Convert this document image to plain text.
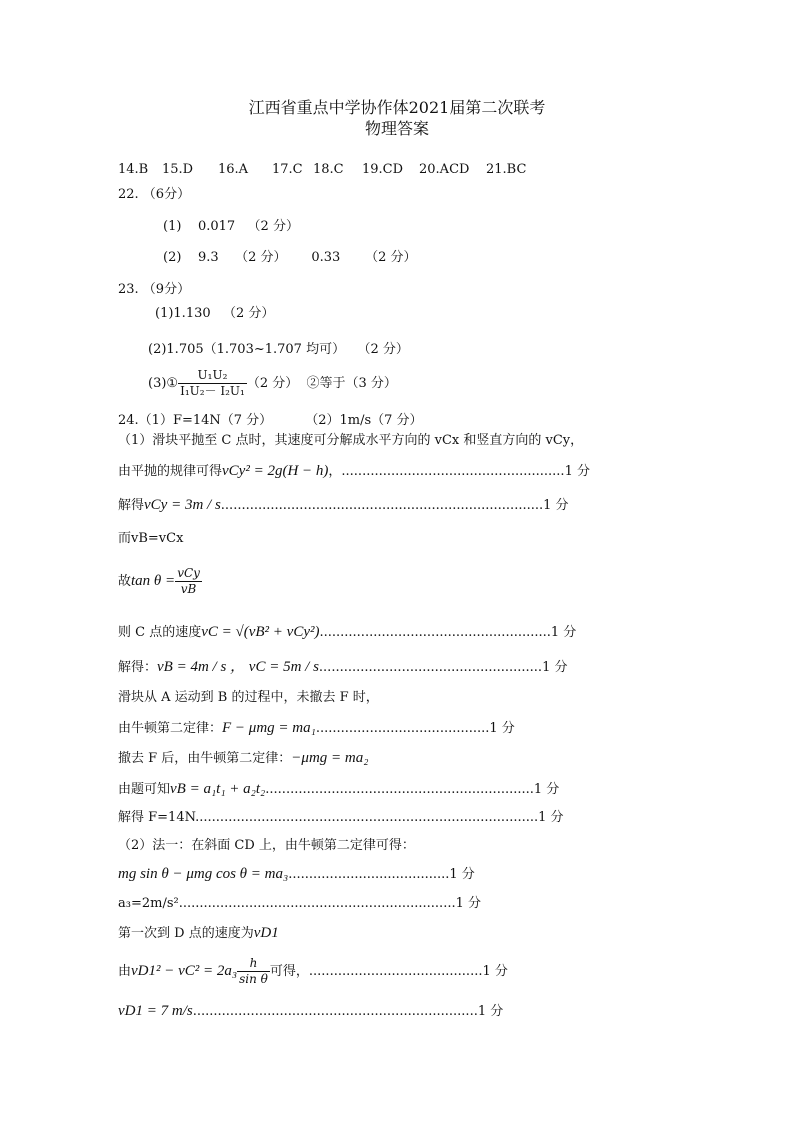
江西省重点中学协作体2021届第二次联考
物理答案
14.B 15.D 16.A 17.C 18.C 19.CD 20.ACD 21.BC
22. （6分）
(1)    0.017   （2 分）
(2)    9.3    （2 分）      0.33      （2 分）
23. （9分）
(1)1.130   （2 分）
(2)1.705（1.703~1.707 均可）   （2 分）
(3)① $\frac{\text{U₁U₂}}{\text{I₁U₂－ I₂U₁}} (2$ 分）  ②等于（3 分）
24.（1）F=14N（7 分）        （2）1m/s（7 分）
（1）滑块平抛至 C 点时，其速度可分解成水平方向的 vCx 和竖直方向的 vCy，
由平抛的规律可得vCy² = 2g(H − h)，......................................................1 分
解得vCy = 3m / s..............................................................................1 分
而vB=vCx
故$\tan \theta = \frac{\text{vCy}}{vB}$
则 C 点的速度vC = √(vB² + vCy²)........................................................1 分
解得：vB = 4m / s ， vC = 5m / s......................................................1 分
滑块从 A 运动到 B 的过程中，未撤去 F 时，
由牛顿第二定律：F − μmg = ma₁..........................................1 分
撤去 F 后，由牛顿第二定律：−μmg = ma₂
由题可知vB = a₁t₁ + a₂t₂.................................................................1 分
解得 F=14N...................................................................................1 分
（2）法一：在斜面 CD 上，由牛顿第二定律可得：
mg sin θ − μmg cos θ = ma₃.......................................1 分
a₃=2m/s²...................................................................1 分
第一次到 D 点的速度为vD1
由$vD1^2 - vC^2 = 2a_3 \frac{h}{\text{sin θ}}$ 可得，..........................................1 分
vD1 = 7 m/s.....................................................................1 分
